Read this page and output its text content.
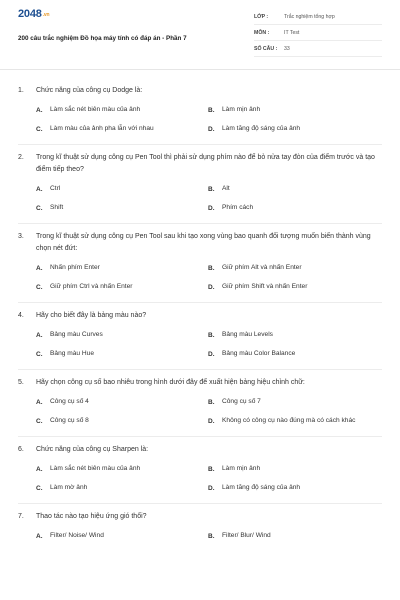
2048.vn
200 câu trắc nghiệm Đồ họa máy tính có đáp án - Phần 7
LỚP :	Trắc nghiệm tổng hợp
MÔN :	IT Test
SỐ CÂU :	33
1.	Chức năng của công cụ Dodge là:
A.	Làm sắc nét biên màu của ảnh	B.	Làm mịn ảnh
C.	Làm màu của ảnh pha lẫn với nhau	D.	Làm tăng độ sáng của ảnh
2.	Trong kĩ thuật sử dụng công cụ Pen Tool thì phải sử dụng phím nào để bỏ nửa tay đòn của điểm trước và tạo điểm tiếp theo?
A.	Ctrl	B.	Alt
C.	Shift	D.	Phím cách
3.	Trong kĩ thuật sử dụng công cụ Pen Tool sau khi tạo xong vùng bao quanh đối tượng muốn biến thành vùng chọn nét đứt:
A.	Nhấn phím Enter	B.	Giữ phím Alt và nhấn Enter
C.	Giữ phím Ctrl và nhấn Enter	D.	Giữ phím Shift và nhấn Enter
4.	Hãy cho biết đây là bảng màu nào?
A.	Bảng màu Curves	B.	Bảng màu Levels
C.	Bảng màu Hue	D.	Bảng màu Color Balance
5.	Hãy chọn công cụ số bao nhiêu trong hình dưới đây để xuất hiện bảng hiệu chỉnh chữ:
A.	Công cụ số 4	B.	Công cụ số 7
C.	Công cụ số 8	D.	Không có công cụ nào đúng mà có cách khác
6.	Chức năng của công cụ Sharpen là:
A.	Làm sắc nét biên màu của ảnh	B.	Làm mịn ảnh
C.	Làm mờ ảnh	D.	Làm tăng độ sáng của ảnh
7.	Thao tác nào tạo hiệu ứng gió thổi?
A.	Filter/ Noise/ Wind	B.	Filter/ Blur/ Wind
